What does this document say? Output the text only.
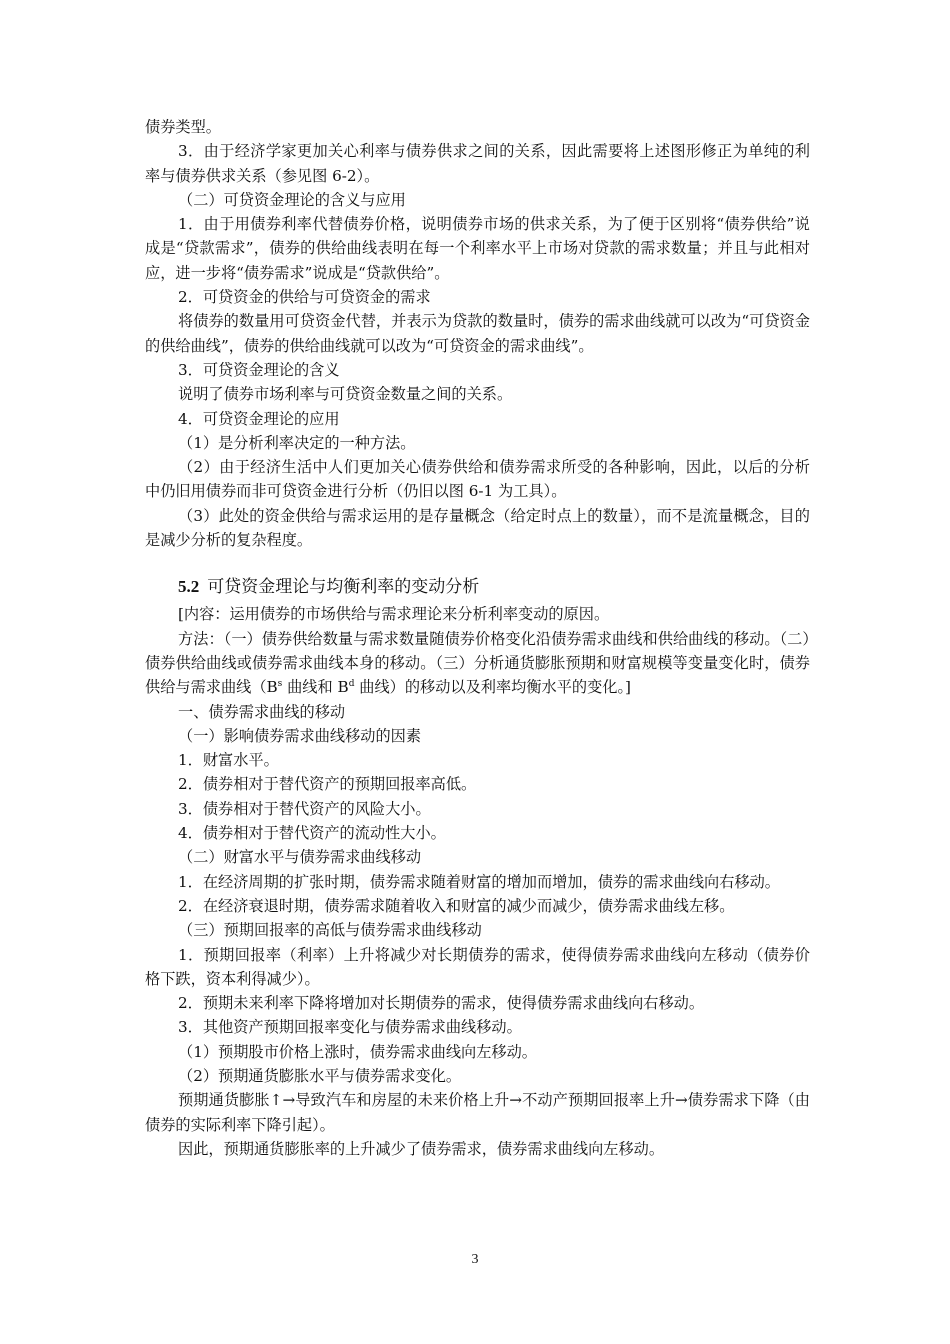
债券类型。
3．由于经济学家更加关心利率与债券供求之间的关系，因此需要将上述图形修正为单纯的利率与债券供求关系（参见图 6-2）。
（二）可贷资金理论的含义与应用
1．由于用债券利率代替债券价格，说明债券市场的供求关系，为了便于区别将“债券供给”说成是“贷款需求”，债券的供给曲线表明在每一个利率水平上市场对贷款的需求数量；并且与此相对应，进一步将“债券需求”说成是“贷款供给”。
2．可贷资金的供给与可贷资金的需求
将债券的数量用可贷资金代替，并表示为贷款的数量时，债券的需求曲线就可以改为“可贷资金的供给曲线”，债券的供给曲线就可以改为“可贷资金的需求曲线”。
3．可贷资金理论的含义
说明了债券市场利率与可贷资金数量之间的关系。
4．可贷资金理论的应用
（1）是分析利率决定的一种方法。
（2）由于经济生活中人们更加关心债券供给和债券需求所受的各种影响，因此，以后的分析中仍旧用债券而非可贷资金进行分析（仍旧以图 6-1 为工具）。
（3）此处的资金供给与需求运用的是存量概念（给定时点上的数量），而不是流量概念，目的是减少分析的复杂程度。
5.2 可贷资金理论与均衡利率的变动分析
[内容：运用债券的市场供给与需求理论来分析利率变动的原因。
方法：（一）债券供给数量与需求数量随债券价格变化沿债券需求曲线和供给曲线的移动。（二）债券供给曲线或债券需求曲线本身的移动。（三）分析通货膨胀预期和财富规模等变量变化时，债券供给与需求曲线（$B^s$ 曲线和 $B^d$ 曲线）的移动以及利率均衡水平的变化。]
一、债券需求曲线的移动
（一）影响债券需求曲线移动的因素
1．财富水平。
2．债券相对于替代资产的预期回报率高低。
3．债券相对于替代资产的风险大小。
4．债券相对于替代资产的流动性大小。
（二）财富水平与债券需求曲线移动
1．在经济周期的扩张时期，债券需求随着财富的增加而增加，债券的需求曲线向右移动。
2．在经济衰退时期，债券需求随着收入和财富的减少而减少，债券需求曲线左移。
（三）预期回报率的高低与债券需求曲线移动
1．预期回报率（利率）上升将减少对长期债券的需求，使得债券需求曲线向左移动（债券价格下跌，资本利得减少）。
2．预期未来利率下降将增加对长期债券的需求，使得债券需求曲线向右移动。
3．其他资产预期回报率变化与债券需求曲线移动。
（1）预期股市价格上涨时，债券需求曲线向左移动。
（2）预期通货膨胀水平与债券需求变化。
预期通货膨胀↑→导致汽车和房屋的未来价格上升→不动产预期回报率上升→债券需求下降（由债券的实际利率下降引起）。
因此，预期通货膨胀率的上升减少了债券需求，债券需求曲线向左移动。
3
